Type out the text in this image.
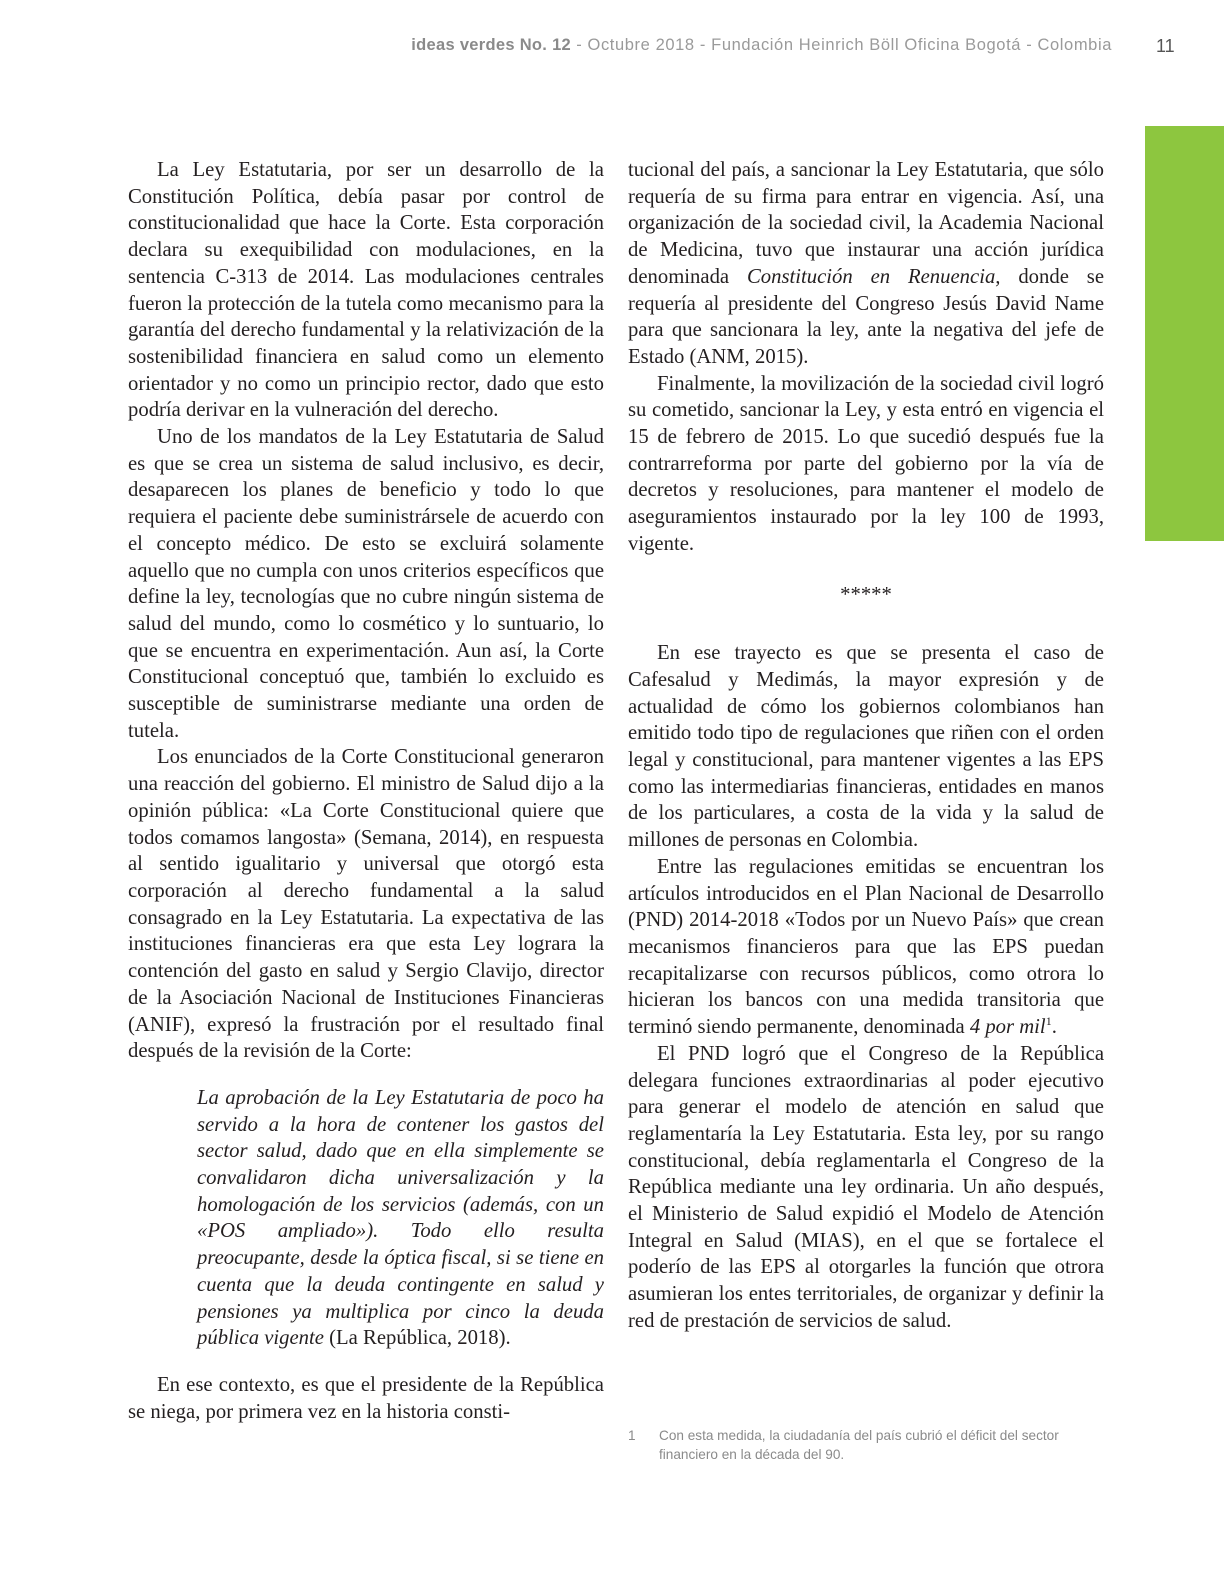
ideas verdes No. 12 - Octubre 2018 - Fundación Heinrich Böll Oficina Bogotá - Colombia 11

La Ley Estatutaria, por ser un desarrollo de la Constitución Política, debía pasar por control de constitucionalidad que hace la Corte. Esta corporación declara su exequibilidad con modulaciones, en la sentencia C-313 de 2014. Las modulaciones centrales fueron la protección de la tutela como mecanismo para la garantía del derecho fundamental y la relativización de la sostenibilidad financiera en salud como un elemento orientador y no como un principio rector, dado que esto podría derivar en la vulneración del derecho.

Uno de los mandatos de la Ley Estatutaria de Salud es que se crea un sistema de salud inclusivo, es decir, desaparecen los planes de beneficio y todo lo que requiera el paciente debe suministrársele de acuerdo con el concepto médico. De esto se excluirá solamente aquello que no cumpla con unos criterios específicos que define la ley, tecnologías que no cubre ningún sistema de salud del mundo, como lo cosmético y lo suntuario, lo que se encuentra en experimentación. Aun así, la Corte Constitucional conceptuó que, también lo excluido es susceptible de suministrarse mediante una orden de tutela.

Los enunciados de la Corte Constitucional generaron una reacción del gobierno. El ministro de Salud dijo a la opinión pública: «La Corte Constitucional quiere que todos comamos langosta» (Semana, 2014), en respuesta al sentido igualitario y universal que otorgó esta corporación al derecho fundamental a la salud consagrado en la Ley Estatutaria. La expectativa de las instituciones financieras era que esta Ley lograra la contención del gasto en salud y Sergio Clavijo, director de la Asociación Nacional de Instituciones Financieras (ANIF), expresó la frustración por el resultado final después de la revisión de la Corte:

La aprobación de la Ley Estatutaria de poco ha servido a la hora de contener los gastos del sector salud, dado que en ella simplemente se convalidaron dicha universalización y la homologación de los servicios (además, con un «POS ampliado»). Todo ello resulta preocupante, desde la óptica fiscal, si se tiene en cuenta que la deuda contingente en salud y pensiones ya multiplica por cinco la deuda pública vigente (La República, 2018).

En ese contexto, es que el presidente de la República se niega, por primera vez en la historia consti-

tucional del país, a sancionar la Ley Estatutaria, que sólo requería de su firma para entrar en vigencia. Así, una organización de la sociedad civil, la Academia Nacional de Medicina, tuvo que instaurar una acción jurídica denominada Constitución en Renuencia, donde se requería al presidente del Congreso Jesús David Name para que sancionara la ley, ante la negativa del jefe de Estado (ANM, 2015).

Finalmente, la movilización de la sociedad civil logró su cometido, sancionar la Ley, y esta entró en vigencia el 15 de febrero de 2015. Lo que sucedió después fue la contrarreforma por parte del gobierno por la vía de decretos y resoluciones, para mantener el modelo de aseguramientos instaurado por la ley 100 de 1993, vigente.

*****

En ese trayecto es que se presenta el caso de Cafesalud y Medimás, la mayor expresión y de actualidad de cómo los gobiernos colombianos han emitido todo tipo de regulaciones que riñen con el orden legal y constitucional, para mantener vigentes a las EPS como las intermediarias financieras, entidades en manos de los particulares, a costa de la vida y la salud de millones de personas en Colombia.

Entre las regulaciones emitidas se encuentran los artículos introducidos en el Plan Nacional de Desarrollo (PND) 2014-2018 «Todos por un Nuevo País» que crean mecanismos financieros para que las EPS puedan recapitalizarse con recursos públicos, como otrora lo hicieran los bancos con una medida transitoria que terminó siendo permanente, denominada 4 por mil$^1$.

El PND logró que el Congreso de la República delegara funciones extraordinarias al poder ejecutivo para generar el modelo de atención en salud que reglamentaría la Ley Estatutaria. Esta ley, por su rango constitucional, debía reglamentarla el Congreso de la República mediante una ley ordinaria. Un año después, el Ministerio de Salud expidió el Modelo de Atención Integral en Salud (MIAS), en el que se fortalece el poderío de las EPS al otorgarles la función que otrora asumieran los entes territoriales, de organizar y definir la red de prestación de servicios de salud.

1 Con esta medida, la ciudadanía del país cubrió el déficit del sector financiero en la década del 90.
